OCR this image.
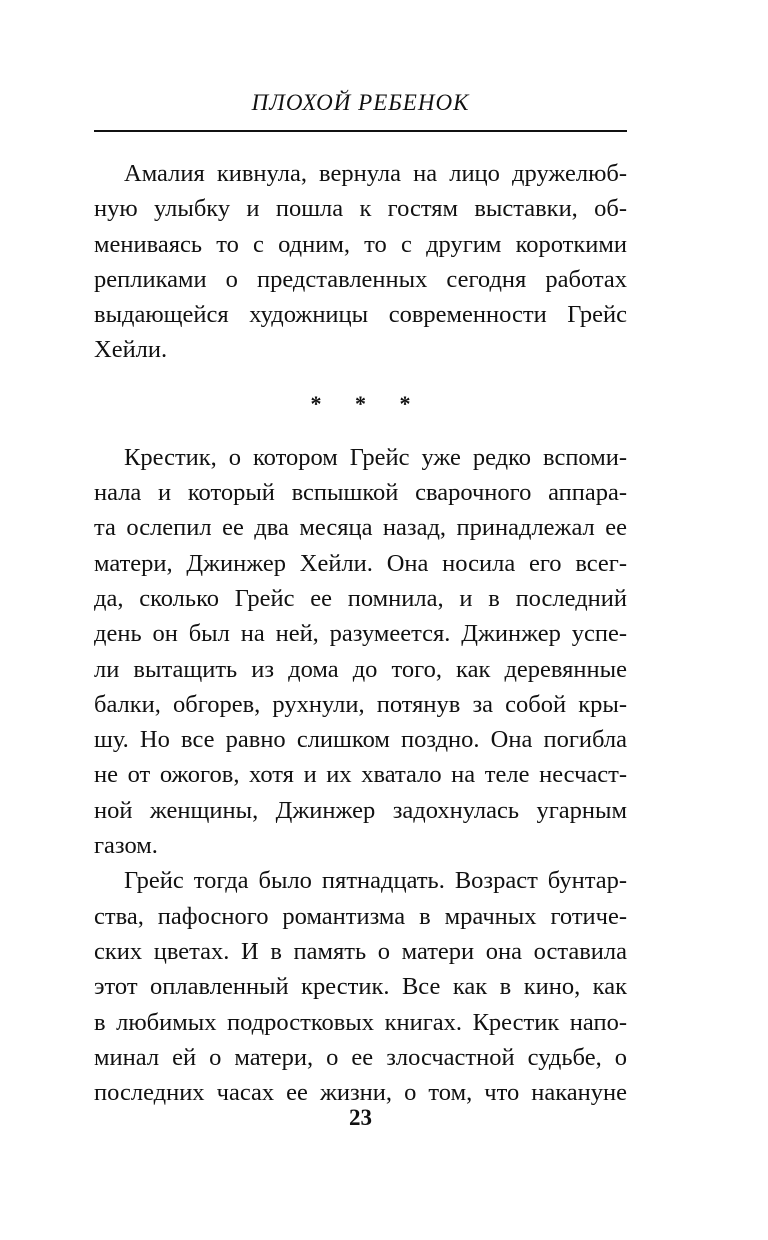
ПЛОХОЙ РЕБЕНОК

Амалия кивнула, вернула на лицо дружелюб-
ную улыбку и пошла к гостям выставки, об-
мениваясь то с одним, то с другим короткими
репликами о представленных сегодня работах
выдающейся художницы современности Грейс
Хейли.

* * *

Крестик, о котором Грейс уже редко вспоми-
нала и который вспышкой сварочного аппара-
та ослепил ее два месяца назад, принадлежал ее
матери, Джинжер Хейли. Она носила его всег-
да, сколько Грейс ее помнила, и в последний
день он был на ней, разумеется. Джинжер успе-
ли вытащить из дома до того, как деревянные
балки, обгорев, рухнули, потянув за собой кры-
шу. Но все равно слишком поздно. Она погибла
не от ожогов, хотя и их хватало на теле несчаст-
ной женщины, Джинжер задохнулась угарным
газом.

Грейс тогда было пятнадцать. Возраст бунтар-
ства, пафосного романтизма в мрачных готиче-
ских цветах. И в память о матери она оставила
этот оплавленный крестик. Все как в кино, как
в любимых подростковых книгах. Крестик напо-
минал ей о матери, о ее злосчастной судьбе, о
последних часах ее жизни, о том, что накануне

23
